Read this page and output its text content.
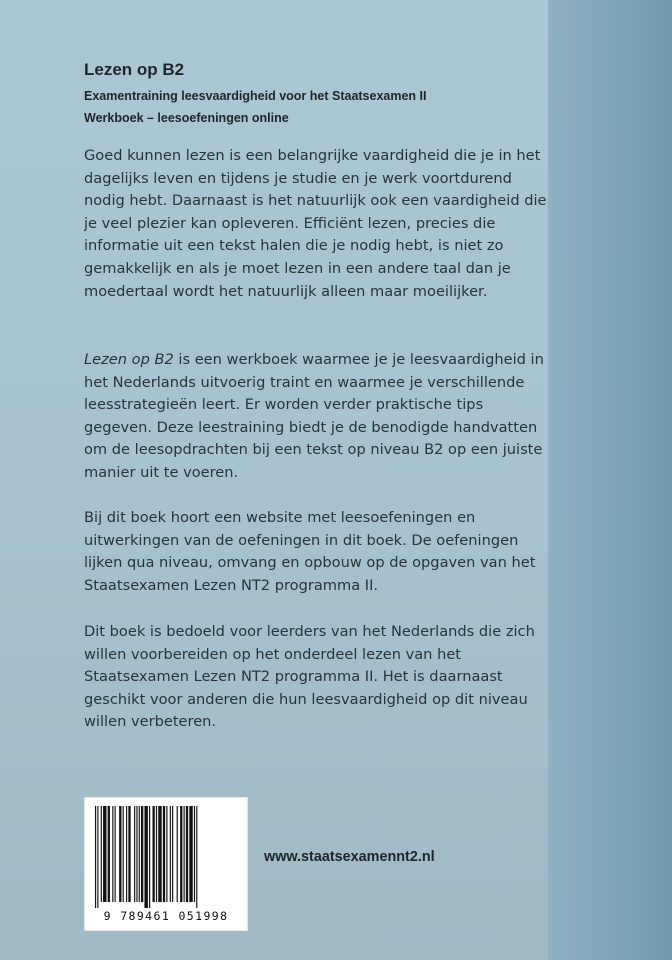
Lezen op B2

Examentraining leesvaardigheid voor het Staatsexamen II

Werkboek – leesoefeningen online

Goed kunnen lezen is een belangrijke vaardigheid die je in het dagelijks leven en tijdens je studie en je werk voortdurend nodig hebt. Daarnaast is het natuurlijk ook een vaardigheid die je veel plezier kan opleveren. Efficiënt lezen, precies die informatie uit een tekst halen die je nodig hebt, is niet zo gemakkelijk en als je moet lezen in een andere taal dan je moedertaal wordt het natuurlijk alleen maar moeilijker.

Lezen op B2 is een werkboek waarmee je je leesvaardigheid in het Nederlands uitvoerig traint en waarmee je verschillende leesstrategieën leert. Er worden verder praktische tips gegeven. Deze leestraining biedt je de benodigde handvatten om de leesopdrachten bij een tekst op niveau B2 op een juiste manier uit te voeren.

Bij dit boek hoort een website met leesoefeningen en uitwerkingen van de oefeningen in dit boek. De oefeningen lijken qua niveau, omvang en opbouw op de opgaven van het Staatsexamen Lezen NT2 programma II.

Dit boek is bedoeld voor leerders van het Nederlands die zich willen voorbereiden op het onderdeel lezen van het Staatsexamen Lezen NT2 programma II. Het is daarnaast geschikt voor anderen die hun leesvaardigheid op dit niveau willen verbeteren.

9 789461 051998

www.staatsexamennt2.nl
